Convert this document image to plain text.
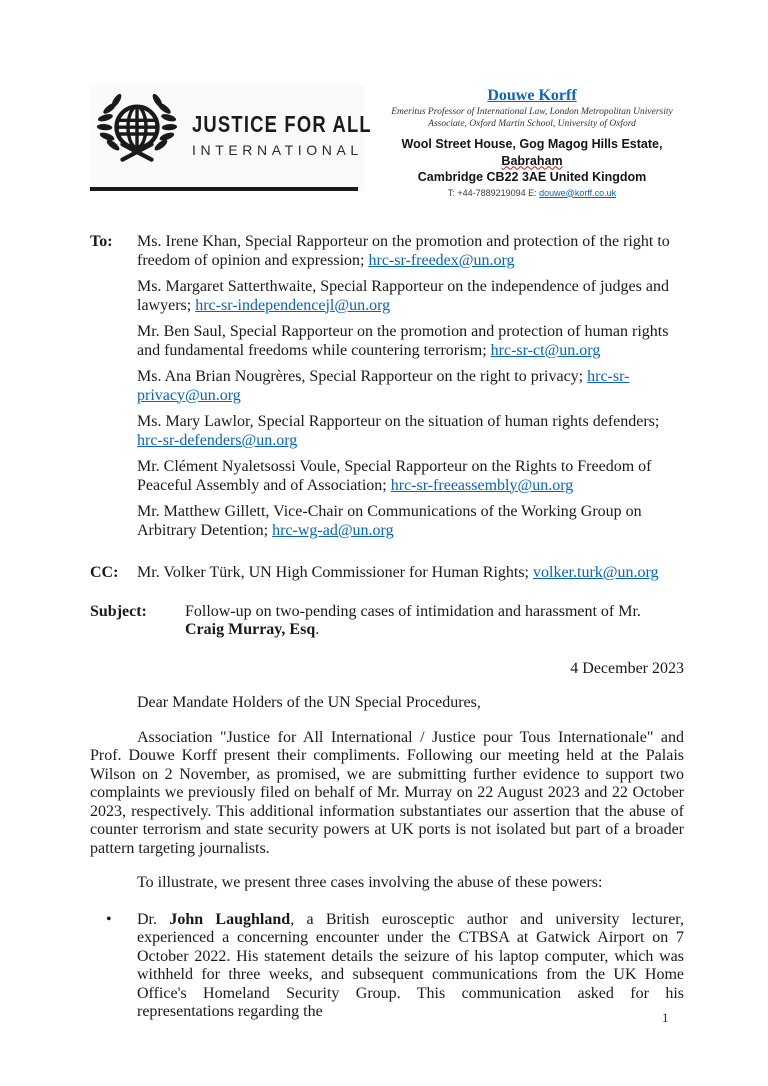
JUSTICE FOR ALL
INTERNATIONAL
Douwe Korff
Emeritus Professor of International Law, London Metropolitan University
Associate, Oxford Martin School, University of Oxford
Wool Street House, Gog Magog Hills Estate, Babraham
Cambridge CB22 3AE United Kingdom
T: +44-7889219094 E: douwe@korff.co.uk
To:	Ms. Irene Khan, Special Rapporteur on the promotion and protection of the right to freedom of opinion and expression; hrc-sr-freedex@un.org

Ms. Margaret Satterthwaite, Special Rapporteur on the independence of judges and lawyers; hrc-sr-independencejl@un.org

Mr. Ben Saul, Special Rapporteur on the promotion and protection of human rights and fundamental freedoms while countering terrorism; hrc-sr-ct@un.org

Ms. Ana Brian Nougrères, Special Rapporteur on the right to privacy; hrc-sr-privacy@un.org

Ms. Mary Lawlor, Special Rapporteur on the situation of human rights defenders; hrc-sr-defenders@un.org

Mr. Clément Nyaletsossi Voule, Special Rapporteur on the Rights to Freedom of Peaceful Assembly and of Association; hrc-sr-freeassembly@un.org

Mr. Matthew Gillett, Vice-Chair on Communications of the Working Group on Arbitrary Detention; hrc-wg-ad@un.org

CC:	Mr. Volker Türk, UN High Commissioner for Human Rights; volker.turk@un.org
Subject:	Follow-up on two-pending cases of intimidation and harassment of Mr. Craig Murray, Esq.
4 December 2023

Dear Mandate Holders of the UN Special Procedures,

Association "Justice for All International / Justice pour Tous Internationale" and Prof. Douwe Korff present their compliments. Following our meeting held at the Palais Wilson on 2 November, as promised, we are submitting further evidence to support two complaints we previously filed on behalf of Mr. Murray on 22 August 2023 and 22 October 2023, respectively. This additional information substantiates our assertion that the abuse of counter terrorism and state security powers at UK ports is not isolated but part of a broader pattern targeting journalists.

To illustrate, we present three cases involving the abuse of these powers:

•	Dr. John Laughland, a British eurosceptic author and university lecturer, experienced a concerning encounter under the CTBSA at Gatwick Airport on 7 October 2022. His statement details the seizure of his laptop computer, which was withheld for three weeks, and subsequent communications from the UK Home Office's Homeland Security Group. This communication asked for his representations regarding the	1
